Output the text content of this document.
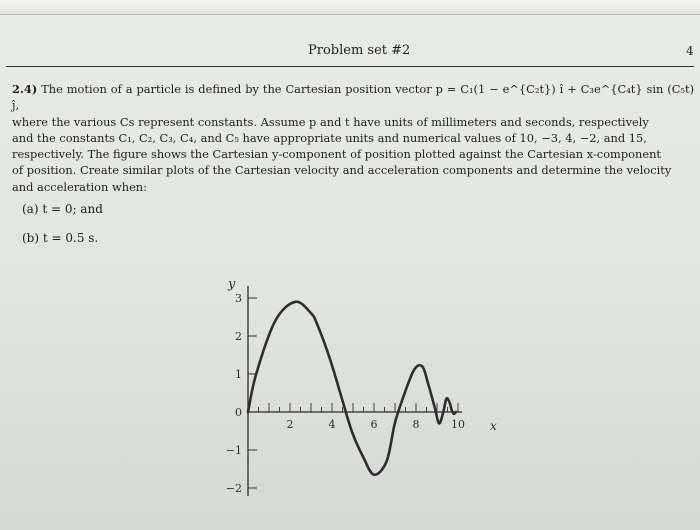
Problem set #2	4
2.4) The motion of a particle is defined by the Cartesian position vector p = C₁(1 − e^{C₂t}) î + C₃e^{C₄t} sin (C₅t) ĵ,
where the various Cs represent constants. Assume p and t have units of millimeters and seconds, respectively
and the constants C₁, C₂, C₃, C₄, and C₅ have appropriate units and numerical values of 10, −3, 4, −2, and 15,
respectively. The figure shows the Cartesian y-component of position plotted against the Cartesian x-component
of position. Create similar plots of the Cartesian velocity and acceleration components and determine the velocity
and acceleration when:
(a) t = 0; and
(b) t = 0.5 s.
y
x
3
2
1
0
−1
−2
2	4	6	8	10
